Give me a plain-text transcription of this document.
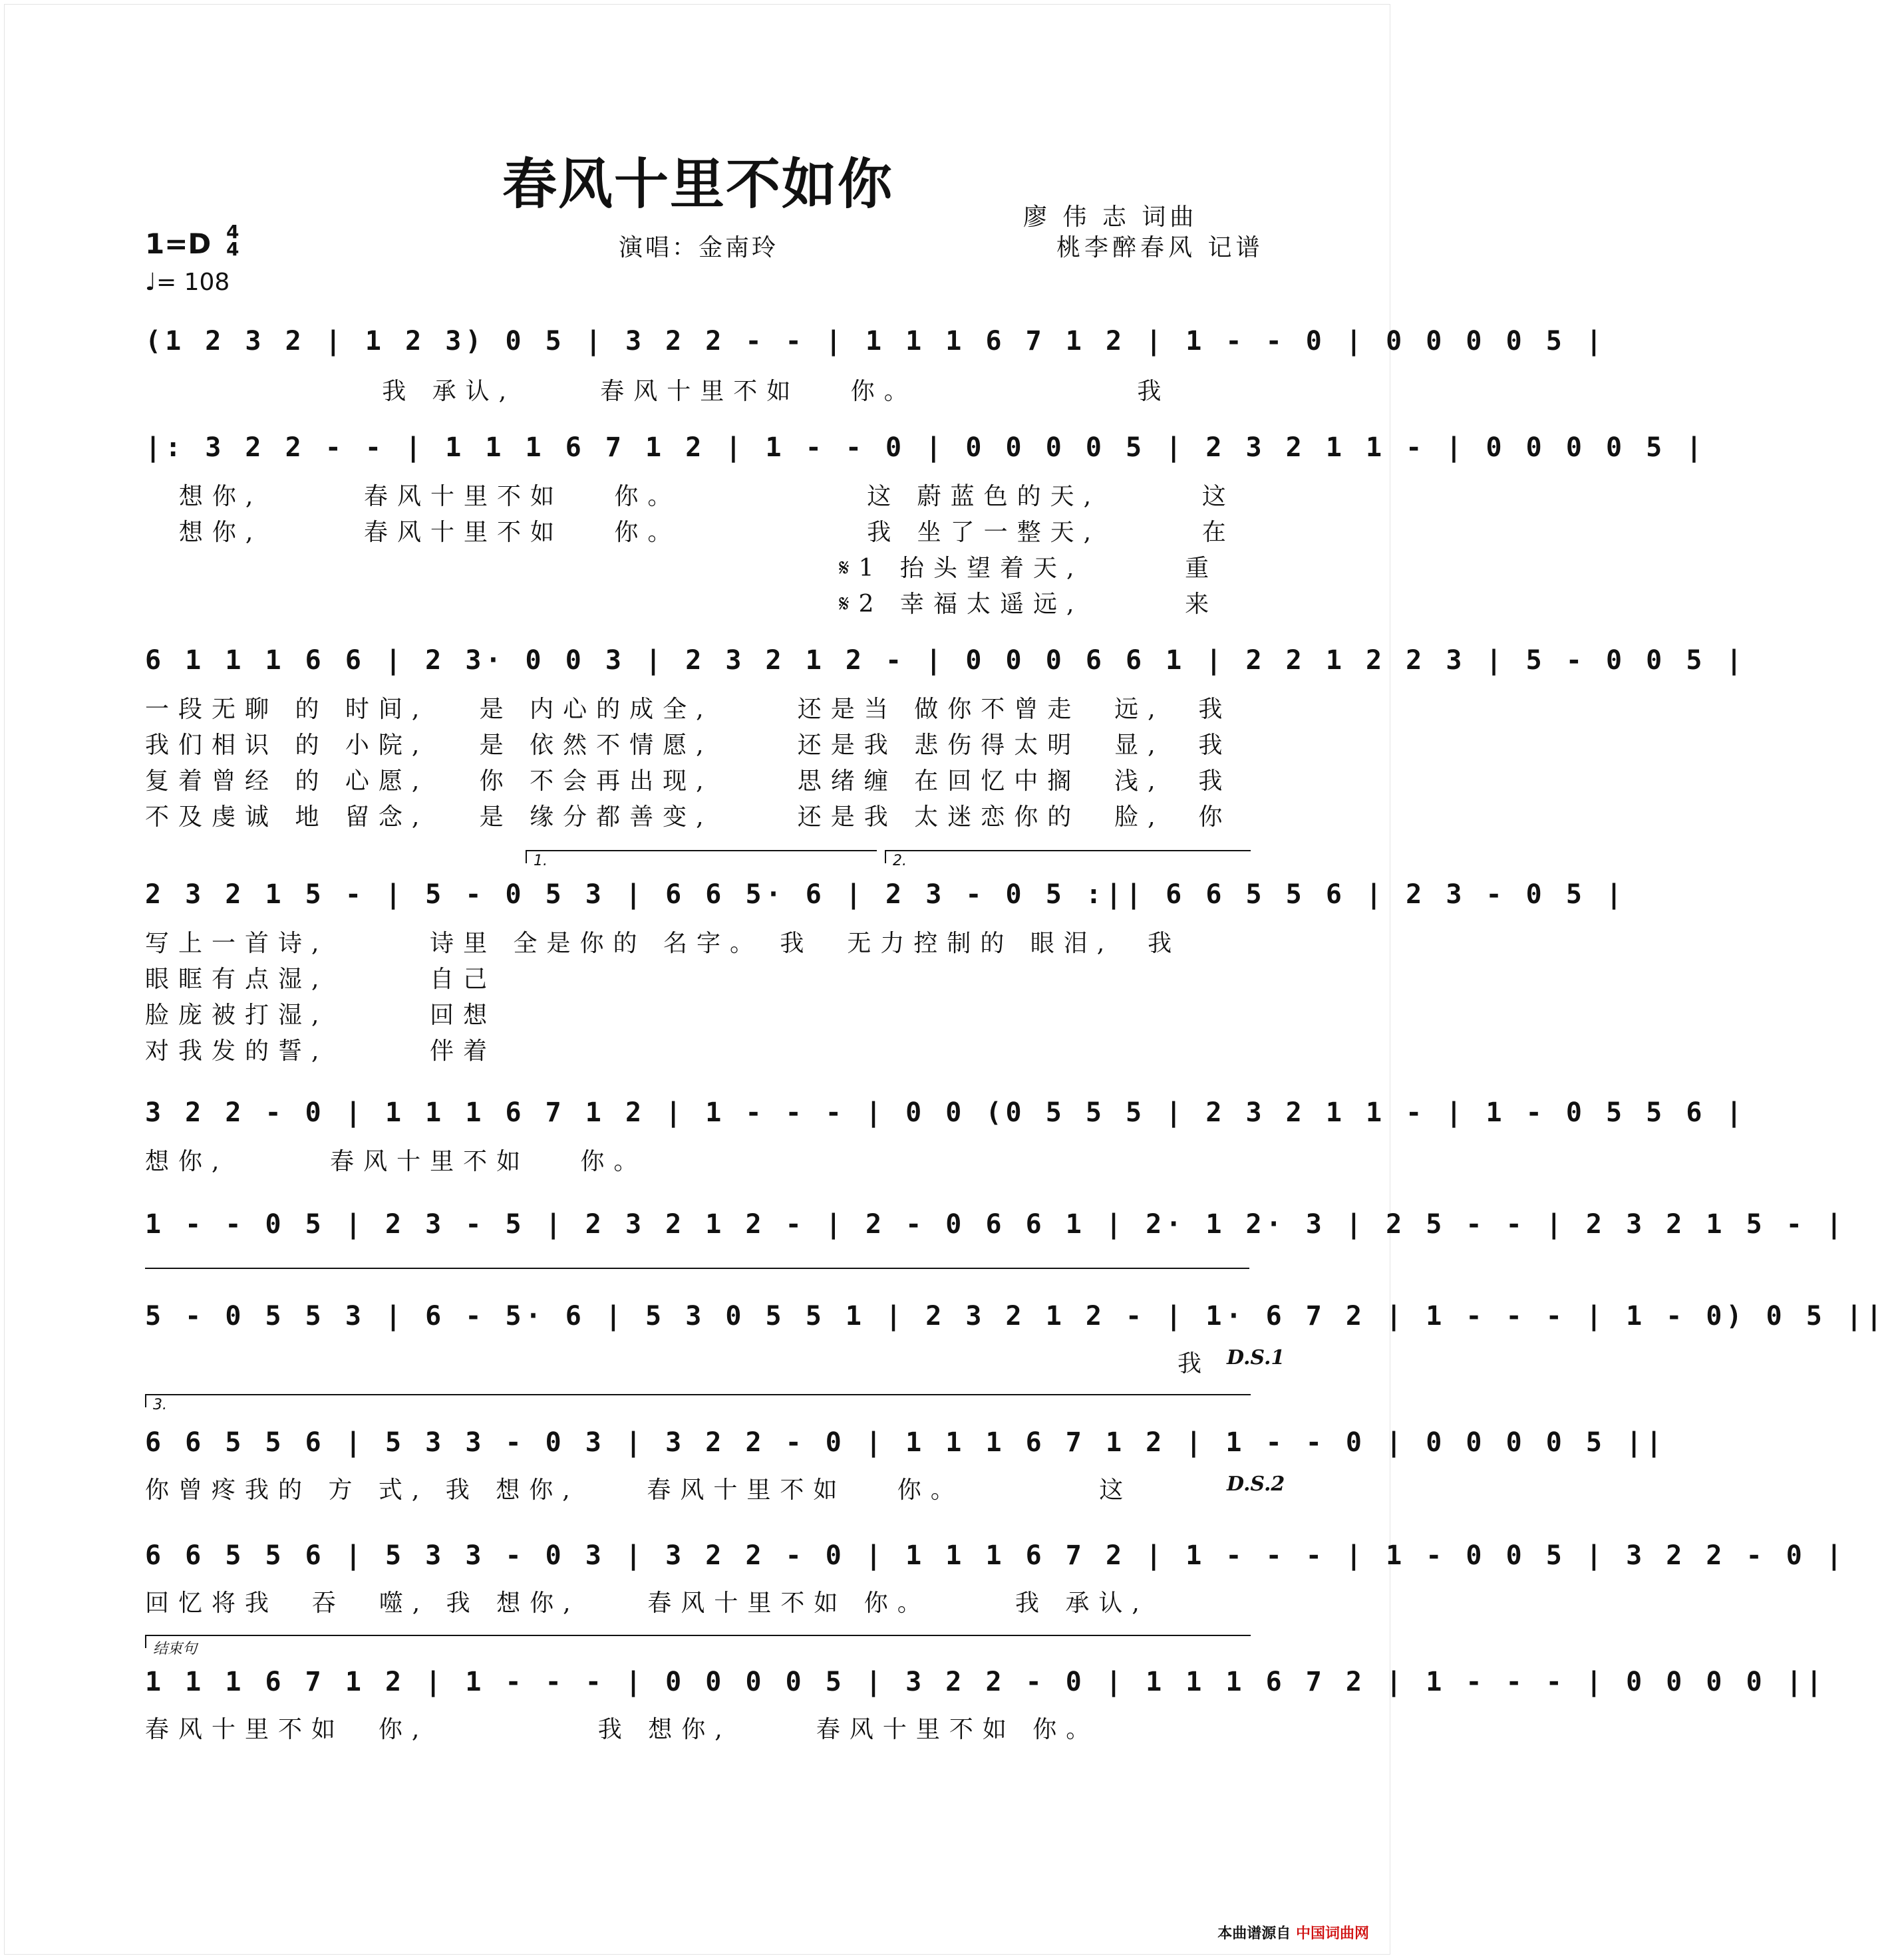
春风十里不如你
廖 伟 志 词曲
桃李醉春风 记谱
演唱：金南玲
1=D 4
4
♩= 108
(1 2 3 2 | 1 2 3) 0 5 | 3 2 2 - - | 1 1 1 6 7 1 2 | 1 - - 0 | 0 0 0 0 5 |
我 承认,     春风十里不如   你。             我
|: 3 2 2 - - | 1 1 1 6 7 1 2 | 1 - - 0 | 0 0 0 0 5 | 2 3 2 1 1 - | 0 0 0 0 5 |
想你,      春风十里不如   你。           这 蔚蓝色的天,      这
想你,      春风十里不如   你。           我 坐了一整天,      在
𝄋1 抬头望着天,      重
𝄋2 幸福太遥远,      来
6 1 1 1 6 6 | 2 3· 0 0 3 | 2 3 2 1 2 - | 0 0 0 6 6 1 | 2 2 1 2 2 3 | 5 - 0 0 5 |
一段无聊 的 时间,   是 内心的成全,     还是当 做你不曾走  远,  我
我们相识 的 小院,   是 依然不情愿,     还是我 悲伤得太明  显,  我
复着曾经 的 心愿,   你 不会再出现,     思绪缠 在回忆中搁  浅,  我
不及虔诚 地 留念,   是 缘分都善变,     还是我 太迷恋你的  脸,  你
1.	2.
2 3 2 1 5 - | 5 - 0 5 3 | 6 6 5· 6 | 2 3 - 0 5 :|| 6 6 5 5 6 | 2 3 - 0 5 |
写上一首诗,      诗里 全是你的 名字。 我  无力控制的 眼泪,  我
眼眶有点湿,      自己
脸庞被打湿,      回想
对我发的誓,      伴着
3 2 2 - 0 | 1 1 1 6 7 1 2 | 1 - - - | 0 0 (0 5 5 5 | 2 3 2 1 1 - | 1 - 0 5 5 6 |
想你,      春风十里不如   你。
1 - - 0 5 | 2 3 - 5 | 2 3 2 1 2 - | 2 - 0 6 6 1 | 2· 1 2· 3 | 2 5 - - | 2 3 2 1 5 - |
5 - 0 5 5 3 | 6 - 5· 6 | 5 3 0 5 5 1 | 2 3 2 1 2 - | 1· 6 7 2 | 1 - - - | 1 - 0) 0 5 ||
我 D.S.1
3.
6 6 5 5 6 | 5 3 3 - 0 3 | 3 2 2 - 0 | 1 1 1 6 7 1 2 | 1 - - 0 | 0 0 0 0 5 ||
你曾疼我的 方 式, 我 想你,    春风十里不如   你。        这	D.S.2
6 6 5 5 6 | 5 3 3 - 0 3 | 3 2 2 - 0 | 1 1 1 6 7 2 | 1 - - - | 1 - 0 0 5 | 3 2 2 - 0 |
回忆将我  吞  噬, 我 想你,    春风十里不如 你。     我 承认,
结束句
1 1 1 6 7 1 2 | 1 - - - | 0 0 0 0 5 | 3 2 2 - 0 | 1 1 1 6 7 2 | 1 - - - | 0 0 0 0 ||
春风十里不如  你,          我 想你,     春风十里不如 你。
本曲谱源自 中国词曲网
